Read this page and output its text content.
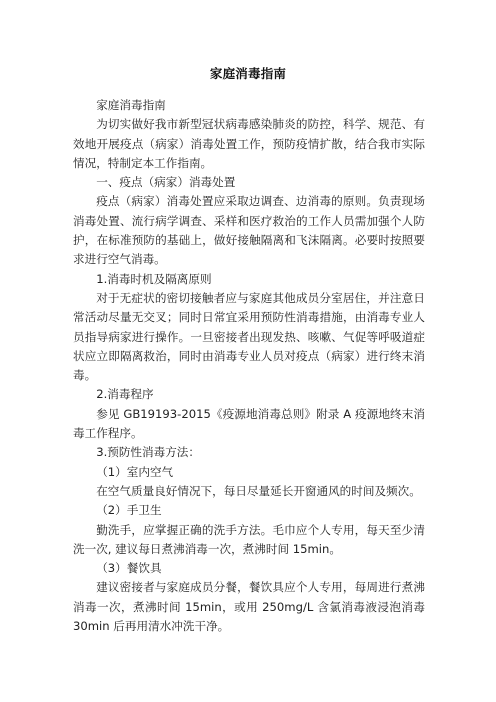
家庭消毒指南

家庭消毒指南

为切实做好我市新型冠状病毒感染肺炎的防控，科学、规范、有效地开展疫点（病家）消毒处置工作，预防疫情扩散，结合我市实际情况，特制定本工作指南。

一、疫点（病家）消毒处置

疫点（病家）消毒处置应采取边调查、边消毒的原则。负责现场消毒处置、流行病学调查、采样和医疗救治的工作人员需加强个人防护，在标准预防的基础上，做好接触隔离和飞沫隔离。必要时按照要求进行空气消毒。

1.消毒时机及隔离原则

对于无症状的密切接触者应与家庭其他成员分室居住，并注意日常活动尽量无交叉；同时日常宜采用预防性消毒措施，由消毒专业人员指导病家进行操作。一旦密接者出现发热、咳嗽、气促等呼吸道症状应立即隔离救治，同时由消毒专业人员对疫点（病家）进行终末消毒。

2.消毒程序

参见 GB19193-2015《疫源地消毒总则》附录 A 疫源地终末消毒工作程序。

3.预防性消毒方法：

（1）室内空气

在空气质量良好情况下，每日尽量延长开窗通风的时间及频次。

（2）手卫生

勤洗手，应掌握正确的洗手方法。毛巾应个人专用，每天至少清洗一次, 建议每日煮沸消毒一次，煮沸时间 15min。

（3）餐饮具

建议密接者与家庭成员分餐，餐饮具应个人专用，每周进行煮沸消毒一次，煮沸时间 15min，或用 250mg/L 含氯消毒液浸泡消毒 30min 后再用清水冲洗干净。
